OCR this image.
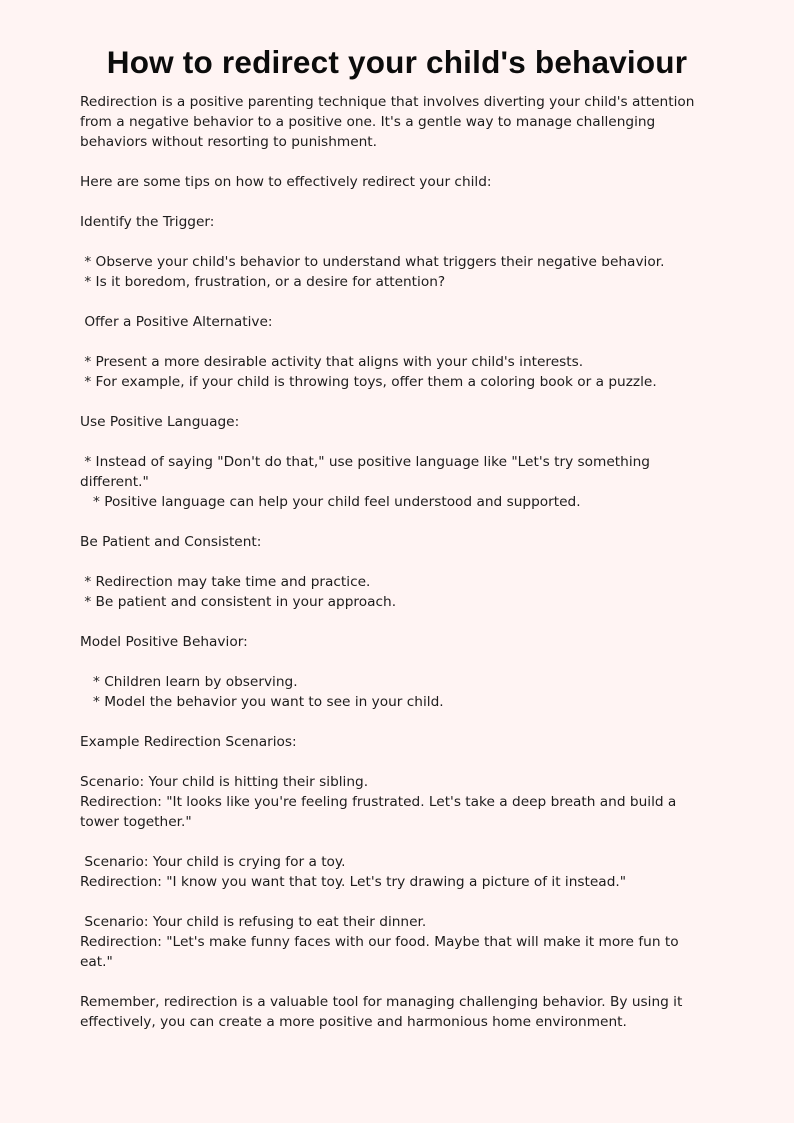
How to redirect your child's behaviour
Redirection is a positive parenting technique that involves diverting your child's attention
from a negative behavior to a positive one. It's a gentle way to manage challenging
behaviors without resorting to punishment.
Here are some tips on how to effectively redirect your child:
Identify the Trigger:
* Observe your child's behavior to understand what triggers their negative behavior.
* Is it boredom, frustration, or a desire for attention?
Offer a Positive Alternative:
* Present a more desirable activity that aligns with your child's interests.
* For example, if your child is throwing toys, offer them a coloring book or a puzzle.
Use Positive Language:
* Instead of saying "Don't do that," use positive language like "Let's try something
different."
* Positive language can help your child feel understood and supported.
Be Patient and Consistent:
* Redirection may take time and practice.
* Be patient and consistent in your approach.
Model Positive Behavior:
* Children learn by observing.
* Model the behavior you want to see in your child.
Example Redirection Scenarios:
Scenario: Your child is hitting their sibling.
Redirection: "It looks like you're feeling frustrated. Let's take a deep breath and build a
tower together."
Scenario: Your child is crying for a toy.
Redirection: "I know you want that toy. Let's try drawing a picture of it instead."
Scenario: Your child is refusing to eat their dinner.
Redirection: "Let's make funny faces with our food. Maybe that will make it more fun to
eat."
Remember, redirection is a valuable tool for managing challenging behavior. By using it
effectively, you can create a more positive and harmonious home environment.
